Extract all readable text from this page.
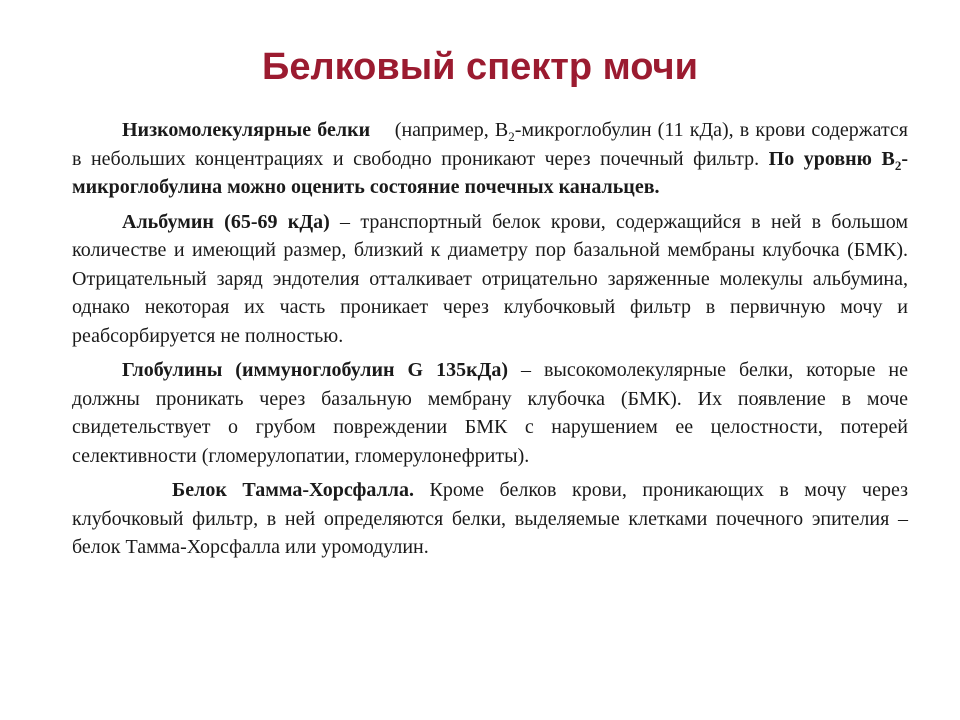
Белковый спектр мочи

Низкомолекулярные белки (например, $B_2$-микроглобулин (11 кДа), в крови содержатся в небольших концентрациях и свободно проникают через почечный фильтр. По уровню $B_2$-микроглобулина можно оценить состояние почечных канальцев.

Альбумин (65-69 кДа) – транспортный белок крови, содержащийся в ней в большом количестве и имеющий размер, близкий к диаметру пор базальной мембраны клубочка (БМК). Отрицательный заряд эндотелия отталкивает отрицательно заряженные молекулы альбумина, однако некоторая их часть проникает через клубочковый фильтр в первичную мочу и реабсорбируется не полностью.

Глобулины (иммуноглобулин G 135кДа) – высокомолекулярные белки, которые не должны проникать через базальную мембрану клубочка (БМК). Их появление в моче свидетельствует о грубом повреждении БМК с нарушением ее целостности, потерей селективности (гломерулопатии, гломерулонефриты).

Белок Тамма-Хорсфалла. Кроме белков крови, проникающих в мочу через клубочковый фильтр, в ней определяются белки, выделяемые клетками почечного эпителия – белок Тамма-Хорсфалла или уромодулин.
